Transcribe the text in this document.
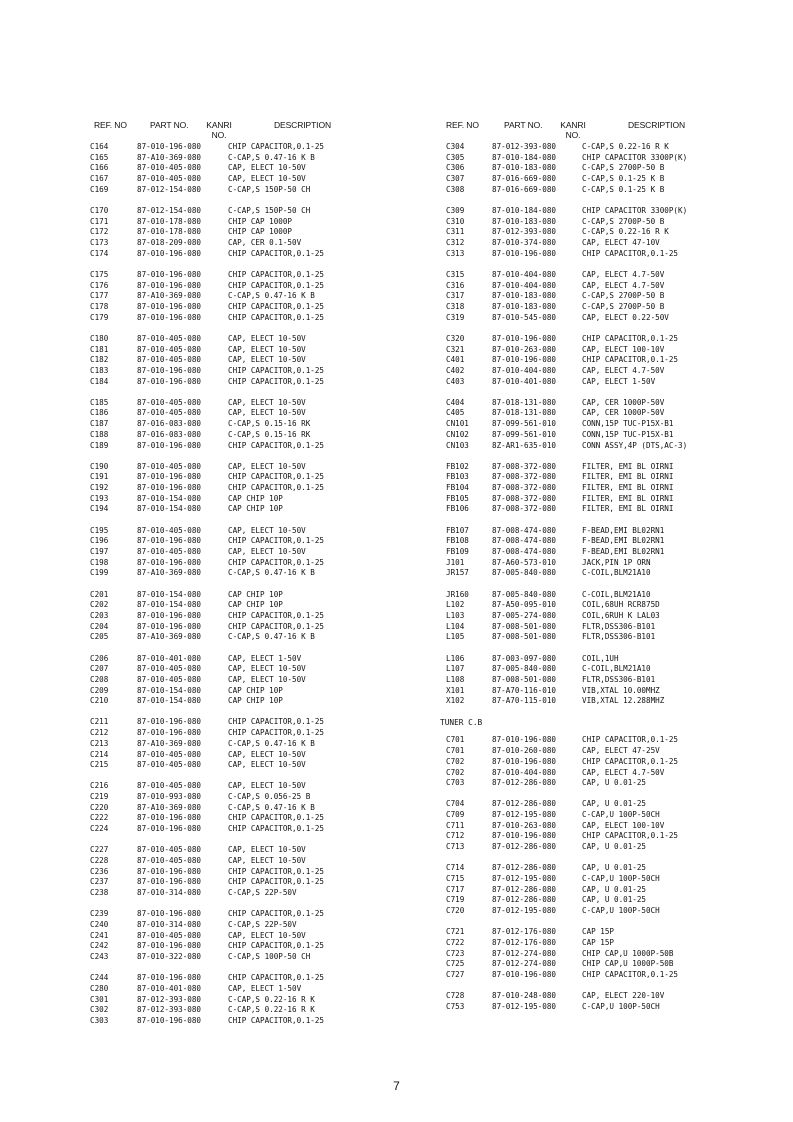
REF. NO	PART NO. KANRI
NO.
DESCRIPTION
C164	87-010-196-080	CHIP CAPACITOR,0.1-25
C165	87-A10-369-080	C-CAP,S 0.47-16 K B
C166	87-010-405-080	CAP, ELECT 10-50V
C167	87-010-405-080	CAP, ELECT 10-50V
C169	87-012-154-080	C-CAP,S 150P-50 CH
C170	87-012-154-080	C-CAP,S 150P-50 CH
C171	87-010-178-080	CHIP CAP 1000P
C172	87-010-178-080	CHIP CAP 1000P
C173	87-018-209-080	CAP, CER 0.1-50V
C174	87-010-196-080	CHIP CAPACITOR,0.1-25
C175	87-010-196-080	CHIP CAPACITOR,0.1-25
C176	87-010-196-080	CHIP CAPACITOR,0.1-25
C177	87-A10-369-080	C-CAP,S 0.47-16 K B
C178	87-010-196-080	CHIP CAPACITOR,0.1-25
C179	87-010-196-080	CHIP CAPACITOR,0.1-25
C180	87-010-405-080	CAP, ELECT 10-50V
C181	87-010-405-080	CAP, ELECT 10-50V
C182	87-010-405-080	CAP, ELECT 10-50V
C183	87-010-196-080	CHIP CAPACITOR,0.1-25
C184	87-010-196-080	CHIP CAPACITOR,0.1-25
C185	87-010-405-080	CAP, ELECT 10-50V
C186	87-010-405-080	CAP, ELECT 10-50V
C187	87-016-083-080	C-CAP,S 0.15-16 RK
C188	87-016-083-080	C-CAP,S 0.15-16 RK
C189	87-010-196-080	CHIP CAPACITOR,0.1-25
C190	87-010-405-080	CAP, ELECT 10-50V
C191	87-010-196-080	CHIP CAPACITOR,0.1-25
C192	87-010-196-080	CHIP CAPACITOR,0.1-25
C193	87-010-154-080	CAP CHIP 10P
C194	87-010-154-080	CAP CHIP 10P
C195	87-010-405-080	CAP, ELECT 10-50V
C196	87-010-196-080	CHIP CAPACITOR,0.1-25
C197	87-010-405-080	CAP, ELECT 10-50V
C198	87-010-196-080	CHIP CAPACITOR,0.1-25
C199	87-A10-369-080	C-CAP,S 0.47-16 K B
C201	87-010-154-080	CAP CHIP 10P
C202	87-010-154-080	CAP CHIP 10P
C203	87-010-196-080	CHIP CAPACITOR,0.1-25
C204	87-010-196-080	CHIP CAPACITOR,0.1-25
C205	87-A10-369-080	C-CAP,S 0.47-16 K B
C206	87-010-401-080	CAP, ELECT 1-50V
C207	87-010-405-080	CAP, ELECT 10-50V
C208	87-010-405-080	CAP, ELECT 10-50V
C209	87-010-154-080	CAP CHIP 10P
C210	87-010-154-080	CAP CHIP 10P
C211	87-010-196-080	CHIP CAPACITOR,0.1-25
C212	87-010-196-080	CHIP CAPACITOR,0.1-25
C213	87-A10-369-080	C-CAP,S 0.47-16 K B
C214	87-010-405-080	CAP, ELECT 10-50V
C215	87-010-405-080	CAP, ELECT 10-50V
C216	87-010-405-080	CAP, ELECT 10-50V
C219	87-010-993-080	C-CAP,S 0.056-25 B
C220	87-A10-369-080	C-CAP,S 0.47-16 K B
C222	87-010-196-080	CHIP CAPACITOR,0.1-25
C224	87-010-196-080	CHIP CAPACITOR,0.1-25
C227	87-010-405-080	CAP, ELECT 10-50V
C228	87-010-405-080	CAP, ELECT 10-50V
C236	87-010-196-080	CHIP CAPACITOR,0.1-25
C237	87-010-196-080	CHIP CAPACITOR,0.1-25
C238	87-010-314-080	C-CAP,S 22P-50V
C239	87-010-196-080	CHIP CAPACITOR,0.1-25
C240	87-010-314-080	C-CAP,S 22P-50V
C241	87-010-405-080	CAP, ELECT 10-50V
C242	87-010-196-080	CHIP CAPACITOR,0.1-25
C243	87-010-322-080	C-CAP,S 100P-50 CH
C244	87-010-196-080	CHIP CAPACITOR,0.1-25
C280	87-010-401-080	CAP, ELECT 1-50V
C301	87-012-393-080	C-CAP,S 0.22-16 R K
C302	87-012-393-080	C-CAP,S 0.22-16 R K
C303	87-010-196-080	CHIP CAPACITOR,0.1-25
REF. NO	PART NO. KANRI
NO.
DESCRIPTION
C304	87-012-393-080	C-CAP,S 0.22-16 R K
C305	87-010-184-080	CHIP CAPACITOR 3300P(K)
C306	87-010-183-080	C-CAP,S 2700P-50 B
C307	87-016-669-080	C-CAP,S 0.1-25 K B
C308	87-016-669-080	C-CAP,S 0.1-25 K B
C309	87-010-184-080	CHIP CAPACITOR 3300P(K)
C310	87-010-183-080	C-CAP,S 2700P-50 B
C311	87-012-393-080	C-CAP,S 0.22-16 R K
C312	87-010-374-080	CAP, ELECT 47-10V
C313	87-010-196-080	CHIP CAPACITOR,0.1-25
C315	87-010-404-080	CAP, ELECT 4.7-50V
C316	87-010-404-080	CAP, ELECT 4.7-50V
C317	87-010-183-080	C-CAP,S 2700P-50 B
C318	87-010-183-080	C-CAP,S 2700P-50 B
C319	87-010-545-080	CAP, ELECT 0.22-50V
C320	87-010-196-080	CHIP CAPACITOR,0.1-25
C321	87-010-263-080	CAP, ELECT 100-10V
C401	87-010-196-080	CHIP CAPACITOR,0.1-25
C402	87-010-404-080	CAP, ELECT 4.7-50V
C403	87-010-401-080	CAP, ELECT 1-50V
C404	87-018-131-080	CAP, CER 1000P-50V
C405	87-018-131-080	CAP, CER 1000P-50V
CN101	87-099-561-010	CONN,15P TUC-P15X-B1
CN102	87-099-561-010	CONN,15P TUC-P15X-B1
CN103	8Z-AR1-635-010	CONN ASSY,4P (DTS,AC-3)
FB102	87-008-372-080	FILTER, EMI BL OIRNI
FB103	87-008-372-080	FILTER, EMI BL OIRNI
FB104	87-008-372-080	FILTER, EMI BL OIRNI
FB105	87-008-372-080	FILTER, EMI BL OIRNI
FB106	87-008-372-080	FILTER, EMI BL OIRNI
FB107	87-008-474-080	F-BEAD,EMI BL02RN1
FB108	87-008-474-080	F-BEAD,EMI BL02RN1
FB109	87-008-474-080	F-BEAD,EMI BL02RN1
J101	87-A60-573-010	JACK,PIN 1P ORN
JR157	87-005-840-080	C-COIL,BLM21A10
JR160	87-005-840-080	C-COIL,BLM21A10
L102	87-A50-095-010	COIL,68UH RCR875D
L103	87-005-274-080	COIL,6RUH K LAL03
L104	87-008-501-080	FLTR,DSS306-B101
L105	87-008-501-080	FLTR,DSS306-B101
L106	87-003-097-080	COIL,1UH
L107	87-005-840-080	C-COIL,BLM21A10
L108	87-008-501-080	FLTR,DSS306-B101
X101	87-A70-116-010	VIB,XTAL 10.00MHZ
X102	87-A70-115-010	VIB,XTAL 12.288MHZ
TUNER C.B
C701	87-010-196-080	CHIP CAPACITOR,0.1-25
C701	87-010-260-080	CAP, ELECT 47-25V
C702	87-010-196-080	CHIP CAPACITOR,0.1-25
C702	87-010-404-080	CAP, ELECT 4.7-50V
C703	87-012-286-080	CAP, U 0.01-25
C704	87-012-286-080	CAP, U 0.01-25
C709	87-012-195-080	C-CAP,U 100P-50CH
C711	87-010-263-080	CAP, ELECT 100-10V
C712	87-010-196-080	CHIP CAPACITOR,0.1-25
C713	87-012-286-080	CAP, U 0.01-25
C714	87-012-286-080	CAP, U 0.01-25
C715	87-012-195-080	C-CAP,U 100P-50CH
C717	87-012-286-080	CAP, U 0.01-25
C719	87-012-286-080	CAP, U 0.01-25
C720	87-012-195-080	C-CAP,U 100P-50CH
C721	87-012-176-080	CAP 15P
C722	87-012-176-080	CAP 15P
C723	87-012-274-080	CHIP CAP,U 1000P-50B
C725	87-012-274-080	CHIP CAP,U 1000P-50B
C727	87-010-196-080	CHIP CAPACITOR,0.1-25
C728	87-010-248-080	CAP, ELECT 220-10V
C753	87-012-195-080	C-CAP,U 100P-50CH
7
